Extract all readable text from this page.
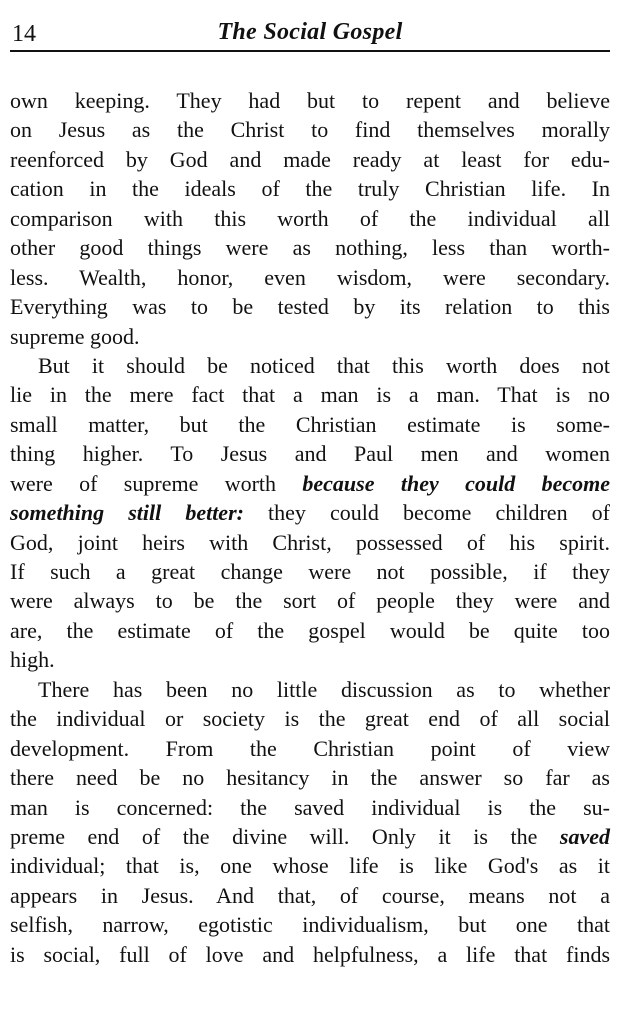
14	The Social Gospel
own keeping. They had but to repent and believe
on Jesus as the Christ to find themselves morally
reenforced by God and made ready at least for edu-
cation in the ideals of the truly Christian life. In
comparison with this worth of the individual all
other good things were as nothing, less than worth-
less. Wealth, honor, even wisdom, were secondary.
Everything was to be tested by its relation to this
supreme good.
But it should be noticed that this worth does not
lie in the mere fact that a man is a man. That is no
small matter, but the Christian estimate is some-
thing higher. To Jesus and Paul men and women
were of supreme worth because they could become
something still better: they could become children of
God, joint heirs with Christ, possessed of his spirit.
If such a great change were not possible, if they
were always to be the sort of people they were and
are, the estimate of the gospel would be quite too
high.
There has been no little discussion as to whether
the individual or society is the great end of all social
development. From the Christian point of view
there need be no hesitancy in the answer so far as
man is concerned: the saved individual is the su-
preme end of the divine will. Only it is the saved
individual; that is, one whose life is like God's as it
appears in Jesus. And that, of course, means not a
selfish, narrow, egotistic individualism, but one that
is social, full of love and helpfulness, a life that finds
